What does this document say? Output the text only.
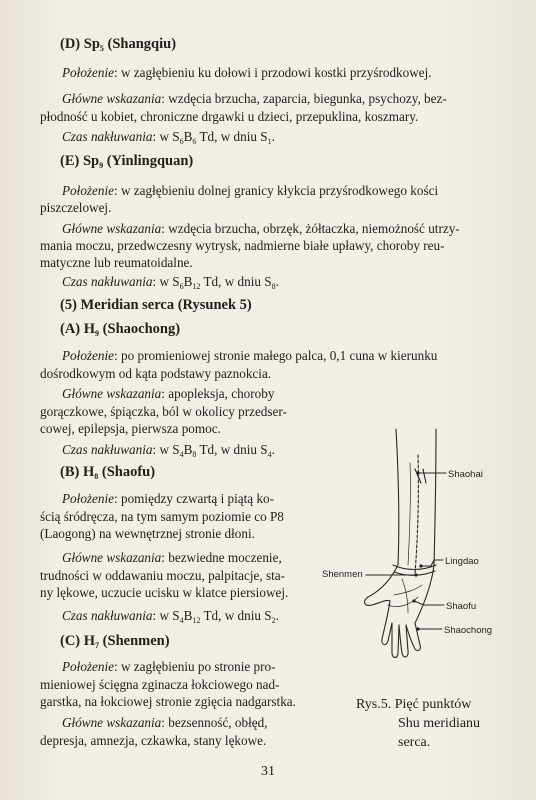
(D) $Sp_5$ (Shangqiu)

Położenie: w zagłębieniu ku dołowi i przodowi kostki przyśrodkowej.

Główne wskazania: wzdęcia brzucha, zaparcia, biegunka, psychozy, bez-

płodność u kobiet, chroniczne drgawki u dzieci, przepuklina, koszmary.

Czas nakłuwania: w $S_6B_6$ Td, w dniu $S_1$.

(E) $Sp_9$ (Yinlingquan)

Położenie: w zagłębieniu dolnej granicy kłykcia przyśrodkowego kości

piszczelowej.

Główne wskazania: wzdęcia brzucha, obrzęk, żółtaczka, niemożność utrzy-

mania moczu, przedwczesny wytrysk, nadmierne białe upławy, choroby reu-

matyczne lub reumatoidalne.

Czas nakłuwania: w $S_6B_{12}$ Td, w dniu $S_8$.

(5) Meridian serca (Rysunek 5)

(A) $H_9$ (Shaochong)

Położenie: po promieniowej stronie małego palca, 0,1 cuna w kierunku

dośrodkowym od kąta podstawy paznokcia.

Główne wskazania: apopleksja, choroby

gorączkowe, śpiączka, ból w okolicy przedser-

cowej, epilepsja, pierwsza pomoc.

Czas nakłuwania: w $S_4B_8$ Td, w dniu $S_4$.

(B) $H_8$ (Shaofu)

Położenie: pomiędzy czwartą i piątą ko-

ścią śródręcza, na tym samym poziomie co P8

(Laogong) na wewnętrznej stronie dłoni.

Główne wskazania: bezwiedne moczenie,

trudności w oddawaniu moczu, palpitacje, sta-

ny lękowe, uczucie ucisku w klatce piersiowej.

Czas nakłuwania: w $S_4B_{12}$ Td, w dniu $S_2$.

(C) $H_7$ (Shenmen)

Położenie: w zagłębieniu po stronie pro-

mieniowej ścięgna zginacza łokciowego nad-

garstka, na łokciowej stronie zgięcia nadgarstka.

Główne wskazania: bezsenność, obłęd,

depresja, amnezja, czkawka, stany lękowe.

Shaohai
Lingdao
Shenmen
Shaofu
Shaochong
Rys.5. Pięć punktów
Shu meridianu
serca.
31
